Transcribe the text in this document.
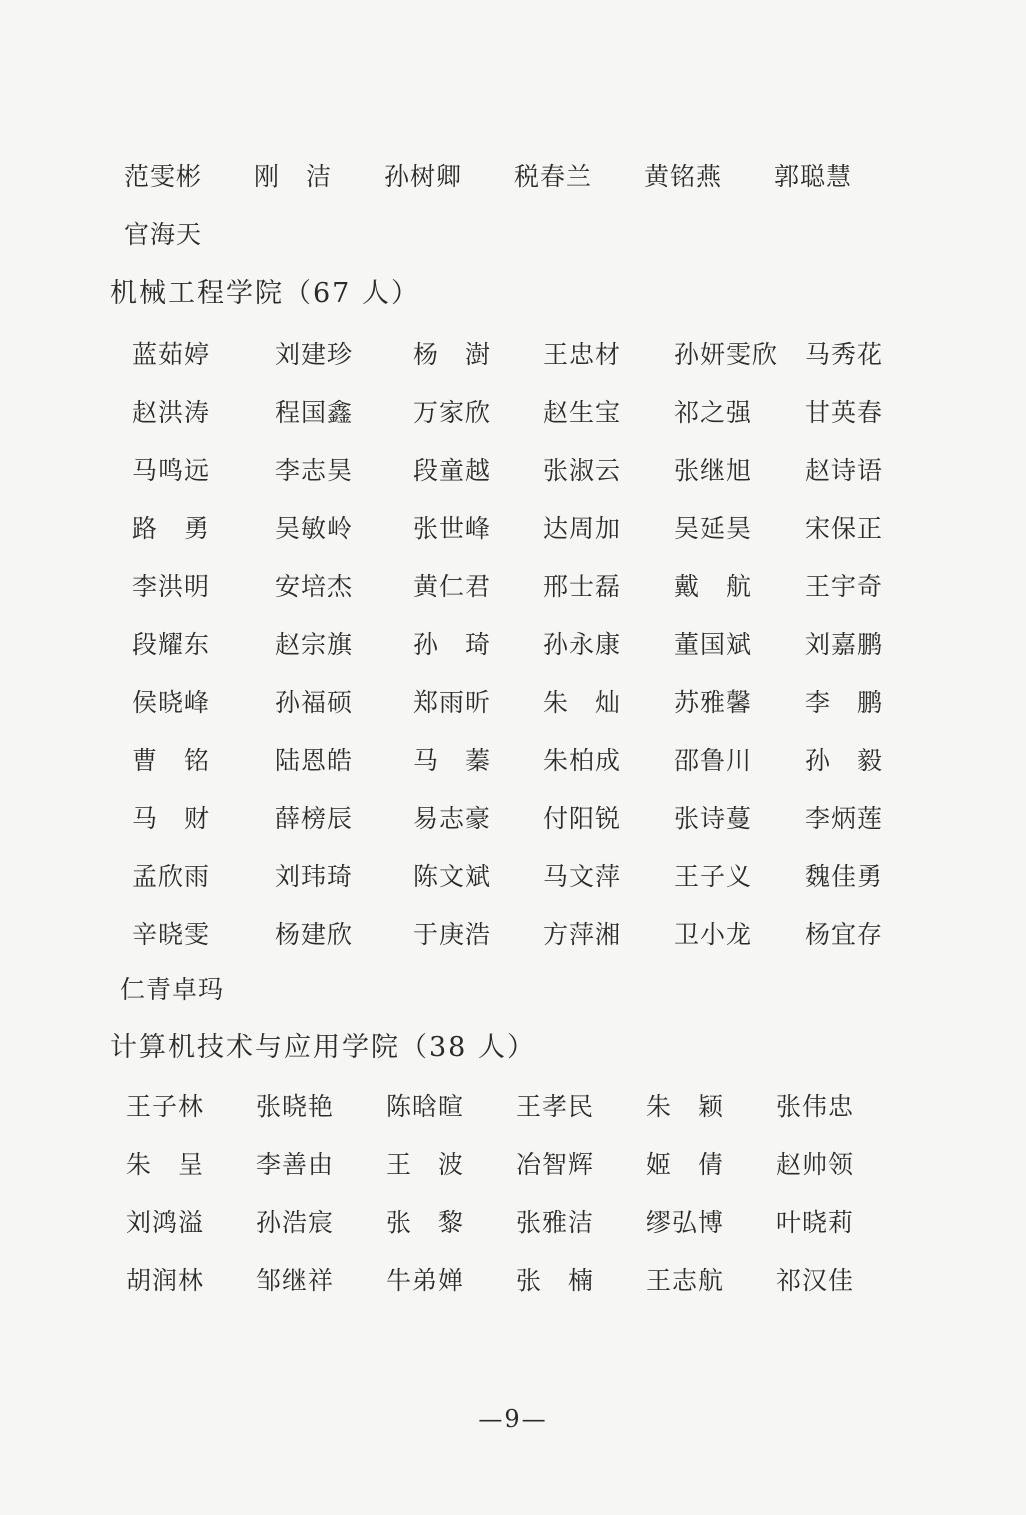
范雯彬	刚　洁	孙树卿	税春兰	黄铭燕	郭聪慧
官海天
机械工程学院（67 人）
蓝茹婷	刘建珍	杨　澍	王忠材	孙妍雯欣	马秀花
赵洪涛	程国鑫	万家欣	赵生宝	祁之强	甘英春
马鸣远	李志昊	段童越	张淑云	张继旭	赵诗语
路　勇	吴敏岭	张世峰	达周加	吴延昊	宋保正
李洪明	安培杰	黄仁君	邢士磊	戴　航	王宇奇
段耀东	赵宗旗	孙　琦	孙永康	董国斌	刘嘉鹏
侯晓峰	孙福硕	郑雨昕	朱　灿	苏雅馨	李　鹏
曹　铭	陆恩皓	马　蓁	朱柏成	邵鲁川	孙　毅
马　财	薛榜辰	易志豪	付阳锐	张诗蔓	李炳莲
孟欣雨	刘玮琦	陈文斌	马文萍	王子义	魏佳勇
辛晓雯	杨建欣	于庚浩	方萍湘	卫小龙	杨宜存
仁青卓玛
计算机技术与应用学院（38 人）
王子林	张晓艳	陈晗暄	王孝民	朱　颖	张伟忠
朱　呈	李善由	王　波	冶智辉	姬　倩	赵帅领
刘鸿溢	孙浩宸	张　黎	张雅洁	缪弘博	叶晓莉
胡润林	邹继祥	牛弟婵	张　楠	王志航	祁汉佳
—9—
